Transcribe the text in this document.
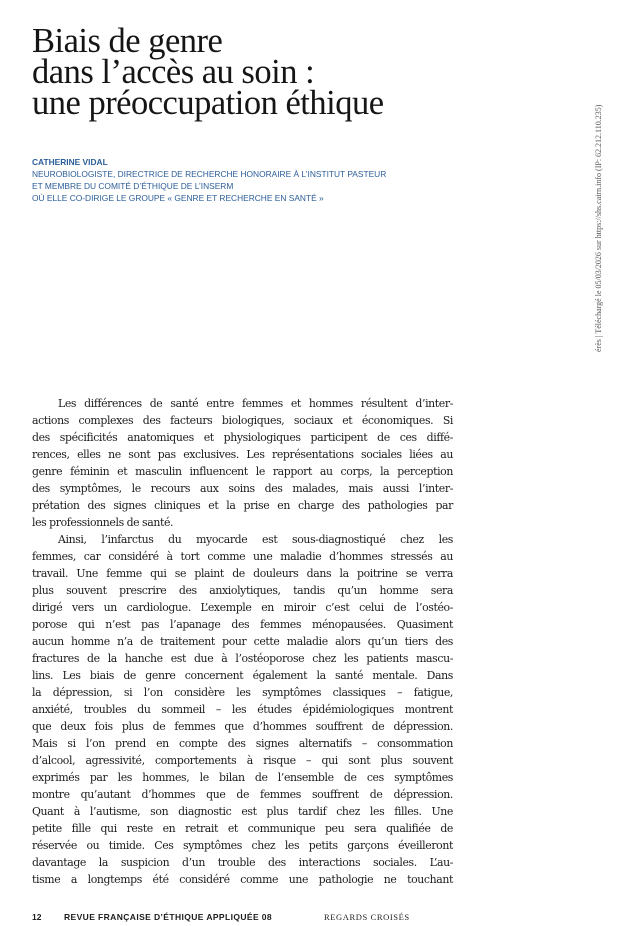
Biais de genre
dans l’accès au soin :
une préoccupation éthique
CATHERINE VIDAL
NEUROBIOLOGISTE, DIRECTRICE DE RECHERCHE HONORAIRE À L’INSTITUT PASTEUR
ET MEMBRE DU COMITÉ D’ÉTHIQUE DE L’INSERM
OÙ ELLE CO-DIRIGE LE GROUPE « GENRE ET RECHERCHE EN SANTÉ »	érès | Téléchargé le 05/03/2026 sur https://shs.cairn.info (IP: 62.212.110.235)
Les différences de santé entre femmes et hommes résultent d’inter-
actions complexes des facteurs biologiques, sociaux et économiques. Si
des spécificités anatomiques et physiologiques participent de ces diffé-
rences, elles ne sont pas exclusives. Les représentations sociales liées au
genre féminin et masculin influencent le rapport au corps, la perception
des symptômes, le recours aux soins des malades, mais aussi l’inter-
prétation des signes cliniques et la prise en charge des pathologies par
les professionnels de santé.
Ainsi, l’infarctus du myocarde est sous-diagnostiqué chez les
femmes, car considéré à tort comme une maladie d’hommes stressés au
travail. Une femme qui se plaint de douleurs dans la poitrine se verra
plus souvent prescrire des anxiolytiques, tandis qu’un homme sera
dirigé vers un cardiologue. L’exemple en miroir c’est celui de l’ostéo-
porose qui n’est pas l’apanage des femmes ménopausées. Quasiment
aucun homme n’a de traitement pour cette maladie alors qu’un tiers des
fractures de la hanche est due à l’ostéoporose chez les patients mascu-
lins. Les biais de genre concernent également la santé mentale. Dans
la dépression, si l’on considère les symptômes classiques – fatigue,
anxiété, troubles du sommeil – les études épidémiologiques montrent
que deux fois plus de femmes que d’hommes souffrent de dépression.
Mais si l’on prend en compte des signes alternatifs – consommation
d’alcool, agressivité, comportements à risque – qui sont plus souvent
exprimés par les hommes, le bilan de l’ensemble de ces symptômes
montre qu’autant d’hommes que de femmes souffrent de dépression.
Quant à l’autisme, son diagnostic est plus tardif chez les filles. Une
petite fille qui reste en retrait et communique peu sera qualifiée de
réservée ou timide. Ces symptômes chez les petits garçons éveilleront
davantage la suspicion d’un trouble des interactions sociales. L’au-
tisme a longtemps été considéré comme une pathologie ne touchant
12	REVUE FRANÇAISE D’ÉTHIQUE APPLIQUÉE 08	REGARDS CROISÉS
